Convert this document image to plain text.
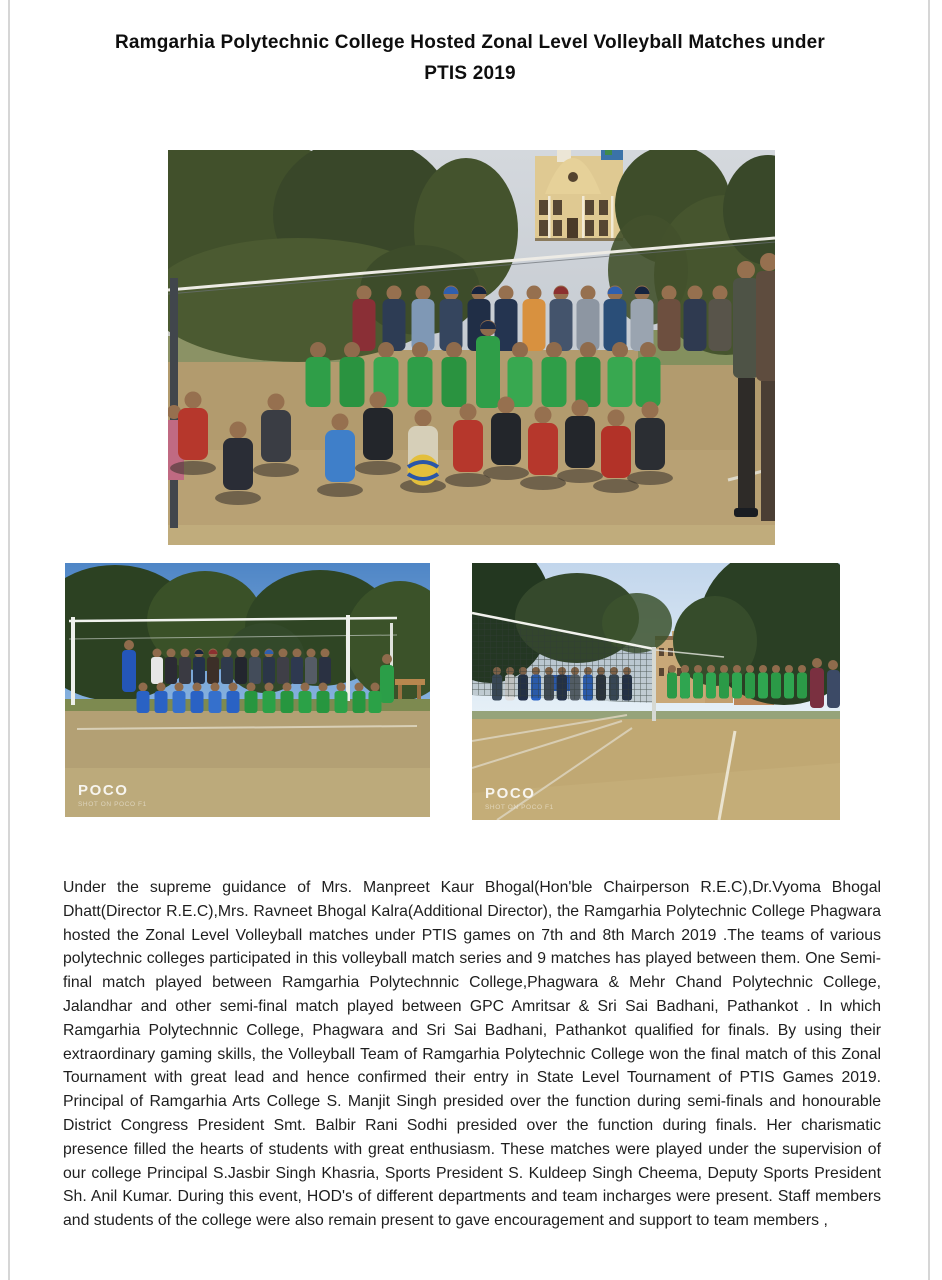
Ramgarhia Polytechnic College Hosted Zonal Level Volleyball Matches under
PTIS 2019
POCO
SHOT ON POCO F1
POCO
SHOT ON POCO F1

Under the supreme guidance of Mrs. Manpreet Kaur Bhogal(Hon'ble Chairperson R.E.C),Dr.Vyoma Bhogal Dhatt(Director R.E.C),Mrs. Ravneet Bhogal Kalra(Additional Director), the Ramgarhia Polytechnic College Phagwara hosted the Zonal Level Volleyball matches under PTIS games on 7th and 8th March 2019 .The teams of various polytechnic colleges participated in this volleyball match series and 9 matches has played between them. One Semi-final match played between Ramgarhia Polytechnnic College,Phagwara & Mehr Chand Polytechnic College, Jalandhar and other semi-final match played between GPC Amritsar & Sri Sai Badhani, Pathankot . In which Ramgarhia Polytechnnic College, Phagwara and Sri Sai Badhani, Pathankot qualified for finals. By using their extraordinary gaming skills, the Volleyball Team of Ramgarhia Polytechnic College won the final match of this Zonal Tournament with great lead and hence confirmed their entry in State Level Tournament of PTIS Games 2019. Principal of Ramgarhia Arts College S. Manjit Singh presided over the function during semi-finals and honourable District Congress President Smt. Balbir Rani Sodhi presided over the function during finals. Her charismatic presence filled the hearts of students with great enthusiasm. These matches were played under the supervision of our college Principal S.Jasbir Singh Khasria, Sports President S. Kuldeep Singh Cheema, Deputy Sports President Sh. Anil Kumar. During this event, HOD's of different departments and team incharges were present. Staff members and students of the college were also remain present to gave encouragement and support to team members ,
